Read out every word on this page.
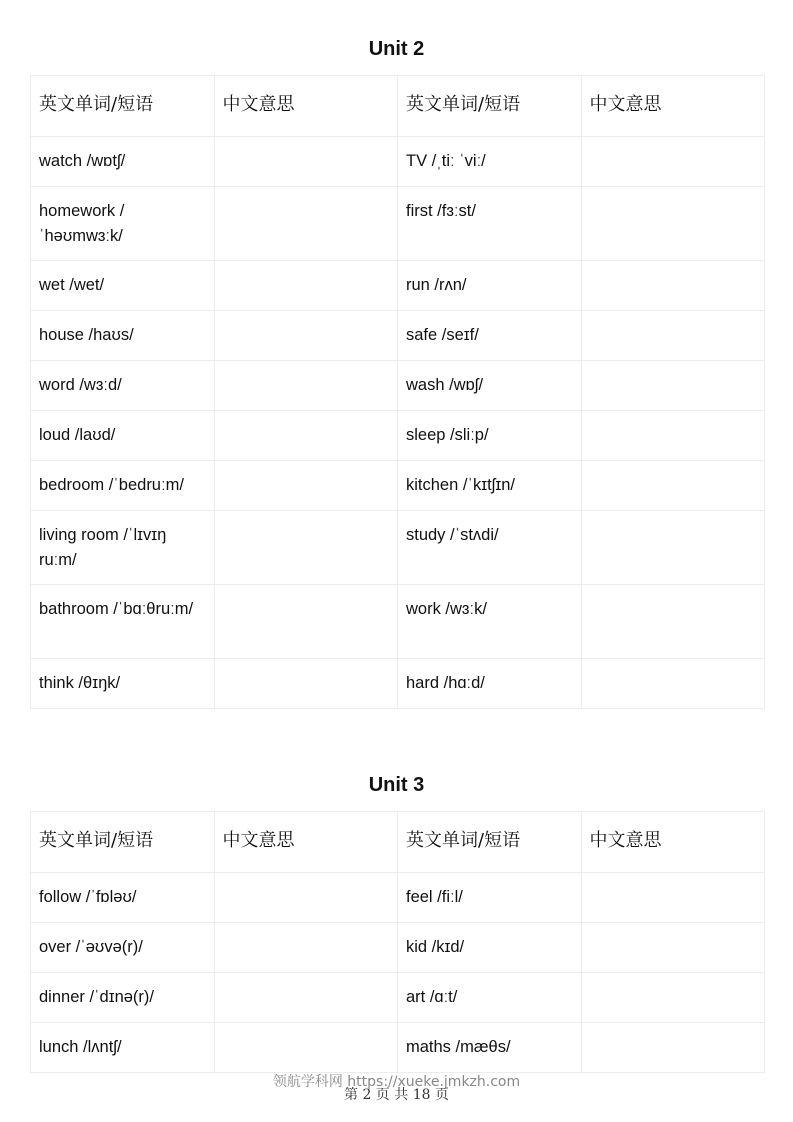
Unit 2
英文单词/短语	中文意思	英文单词/短语	中文意思
watch /wɒtʃ/		TV /ˌtiː ˈviː/	
homework /ˈhəʊmwɜːk/		first /fɜːst/	
wet /wet/		run /rʌn/	
house /haʊs/		safe /seɪf/	
word /wɜːd/		wash /wɒʃ/	
loud /laʊd/		sleep /sliːp/	
bedroom /ˈbedruːm/		kitchen /ˈkɪtʃɪn/	
living room /ˈlɪvɪŋ ruːm/		study /ˈstʌdi/	
bathroom /ˈbɑːθruːm/		work /wɜːk/	
think /θɪŋk/		hard /hɑːd/	
Unit 3
英文单词/短语	中文意思	英文单词/短语	中文意思
follow /ˈfɒləʊ/		feel /fiːl/	
over /ˈəʊvə(r)/		kid /kɪd/	
dinner /ˈdɪnə(r)/		art /ɑːt/	
lunch /lʌntʃ/		maths /mæθs/	
领航学科网 https://xueke.jmkzh.com
第 2 页 共 18 页
